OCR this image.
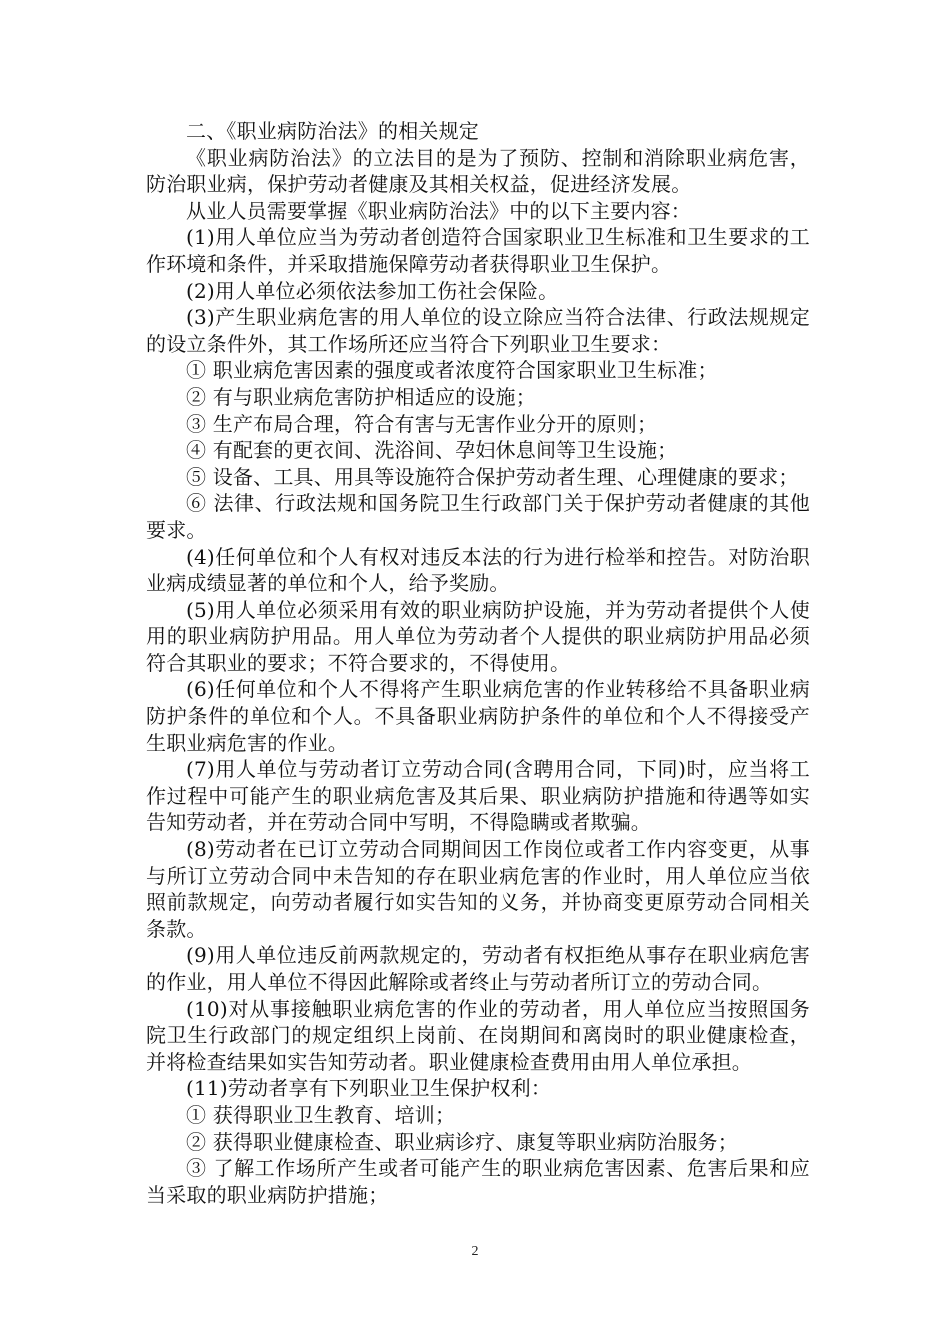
二、《职业病防治法》的相关规定

《职业病防治法》的立法目的是为了预防、控制和消除职业病危害，防治职业病，保护劳动者健康及其相关权益，促进经济发展。

从业人员需要掌握《职业病防治法》中的以下主要内容：

(1)用人单位应当为劳动者创造符合国家职业卫生标准和卫生要求的工作环境和条件，并采取措施保障劳动者获得职业卫生保护。

(2)用人单位必须依法参加工伤社会保险。

(3)产生职业病危害的用人单位的设立除应当符合法律、行政法规规定的设立条件外，其工作场所还应当符合下列职业卫生要求：

① 职业病危害因素的强度或者浓度符合国家职业卫生标准；

② 有与职业病危害防护相适应的设施；

③ 生产布局合理，符合有害与无害作业分开的原则；

④ 有配套的更衣间、洗浴间、孕妇休息间等卫生设施；

⑤ 设备、工具、用具等设施符合保护劳动者生理、心理健康的要求；

⑥ 法律、行政法规和国务院卫生行政部门关于保护劳动者健康的其他要求。

(4)任何单位和个人有权对违反本法的行为进行检举和控告。对防治职业病成绩显著的单位和个人，给予奖励。

(5)用人单位必须采用有效的职业病防护设施，并为劳动者提供个人使用的职业病防护用品。用人单位为劳动者个人提供的职业病防护用品必须符合其职业的要求；不符合要求的，不得使用。

(6)任何单位和个人不得将产生职业病危害的作业转移给不具备职业病防护条件的单位和个人。不具备职业病防护条件的单位和个人不得接受产生职业病危害的作业。

(7)用人单位与劳动者订立劳动合同(含聘用合同，下同)时，应当将工作过程中可能产生的职业病危害及其后果、职业病防护措施和待遇等如实告知劳动者，并在劳动合同中写明，不得隐瞒或者欺骗。

(8)劳动者在已订立劳动合同期间因工作岗位或者工作内容变更，从事与所订立劳动合同中未告知的存在职业病危害的作业时，用人单位应当依照前款规定，向劳动者履行如实告知的义务，并协商变更原劳动合同相关条款。

(9)用人单位违反前两款规定的，劳动者有权拒绝从事存在职业病危害的作业，用人单位不得因此解除或者终止与劳动者所订立的劳动合同。

(10)对从事接触职业病危害的作业的劳动者，用人单位应当按照国务院卫生行政部门的规定组织上岗前、在岗期间和离岗时的职业健康检查，并将检查结果如实告知劳动者。职业健康检查费用由用人单位承担。

(11)劳动者享有下列职业卫生保护权利：

① 获得职业卫生教育、培训；

② 获得职业健康检查、职业病诊疗、康复等职业病防治服务；

③ 了解工作场所产生或者可能产生的职业病危害因素、危害后果和应当采取的职业病防护措施；

2
